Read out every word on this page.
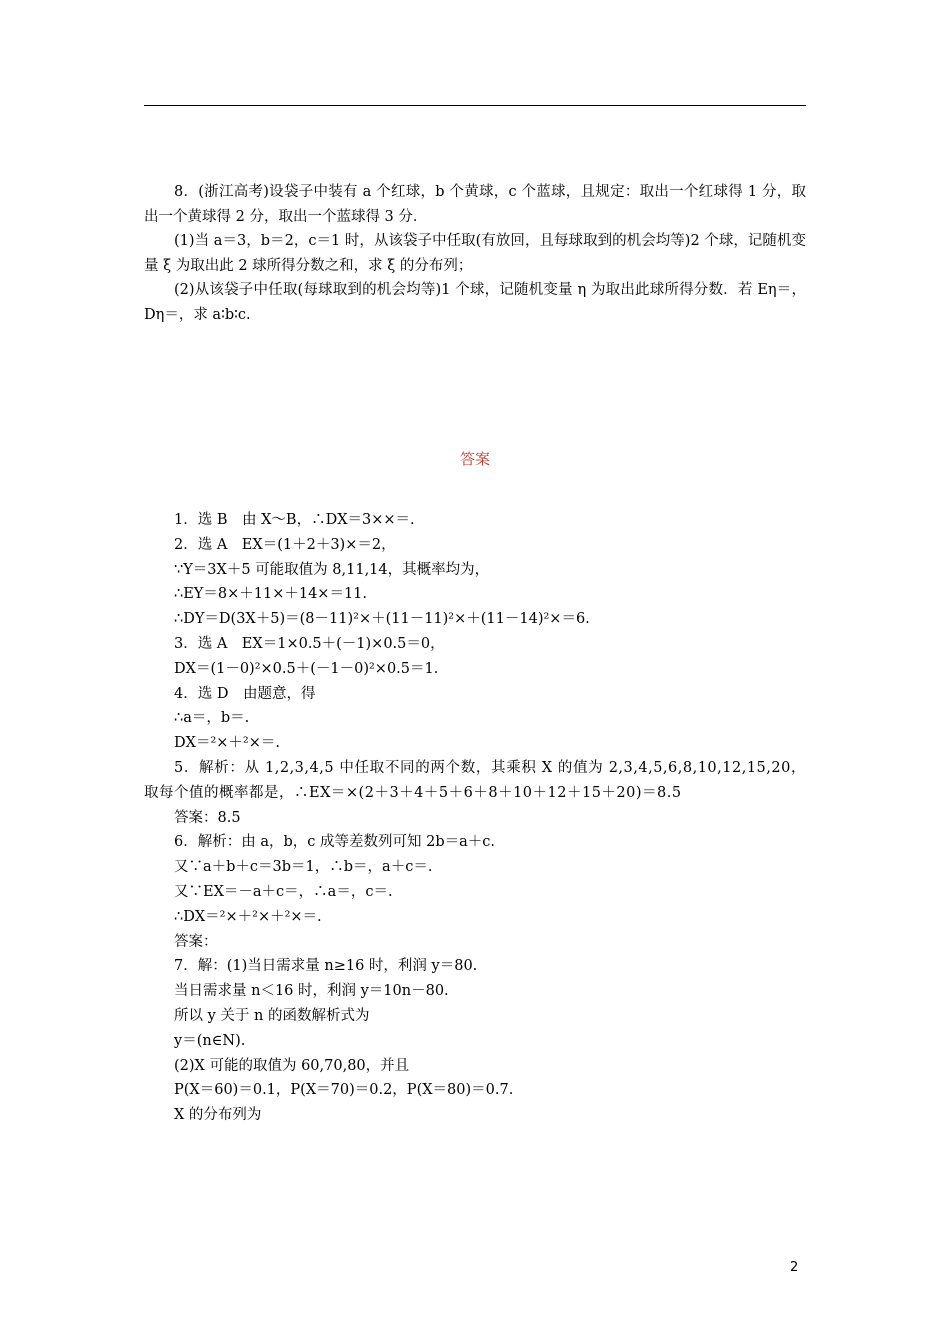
8．(浙江高考)设袋子中装有 a 个红球，b 个黄球，c 个蓝球，且规定：取出一个红球得 1 分，取出一个黄球得 2 分，取出一个蓝球得 3 分．

(1)当 a＝3，b＝2，c＝1 时，从该袋子中任取(有放回，且每球取到的机会均等)2 个球，记随机变量 ξ 为取出此 2 球所得分数之和，求 ξ 的分布列；

(2)从该袋子中任取(每球取到的机会均等)1 个球，记随机变量 η 为取出此球所得分数．若 Eη＝，Dη＝，求 a∶b∶c.

答案
1．选 B　由 X～B，∴DX＝3××＝.
2．选 A　EX＝(1＋2＋3)×＝2，
∵Y＝3X＋5 可能取值为 8,11,14，其概率均为，
∴EY＝8×＋11×＋14×＝11.
∴DY＝D(3X＋5)＝(8－11)²×＋(11－11)²×＋(11－14)²×＝6.
3．选 A　EX＝1×0.5＋(－1)×0.5＝0，
DX＝(1－0)²×0.5＋(－1－0)²×0.5＝1.
4．选 D　由题意，得
∴a＝，b＝.
DX＝²×＋²×＝.
5．解析：从 1,2,3,4,5 中任取不同的两个数，其乘积 X 的值为 2,3,4,5,6,8,10,12,15,20，取每个值的概率都是，∴EX＝×(2＋3＋4＋5＋6＋8＋10＋12＋15＋20)＝8.5
答案：8.5
6．解析：由 a，b，c 成等差数列可知 2b＝a＋c.
又∵a＋b＋c＝3b＝1，∴b＝，a＋c＝.
又∵EX＝－a＋c＝，∴a＝，c＝.
∴DX＝²×＋²×＋²×＝.
答案：
7．解：(1)当日需求量 n≥16 时，利润 y＝80.
当日需求量 n＜16 时，利润 y＝10n－80.
所以 y 关于 n 的函数解析式为
y＝(n∈N).
(2)X 可能的取值为 60,70,80，并且
P(X＝60)＝0.1，P(X＝70)＝0.2，P(X＝80)＝0.7.
X 的分布列为
2
